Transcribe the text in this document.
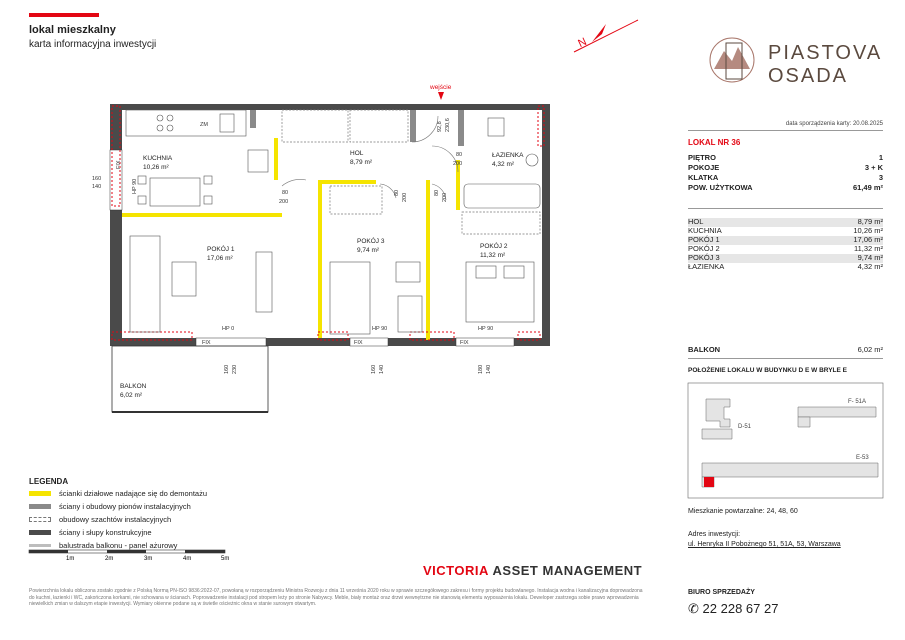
lokal mieszkalny
karta informacyjna inwestycji	N	PIASTOVA
OSADA
data sporządzenia karty: 20.08.2025
LOKAL NR 36
PIĘTRO	1
POKOJE	3 + K
KLATKA	3
POW. UŻYTKOWA	61,49 m²
HOL	8,79 m²
KUCHNIA	10,26 m²
POKÓJ 1	17,06 m²
POKÓJ 2	11,32 m²
POKÓJ 3	9,74 m²
ŁAZIENKA	4,32 m²
BALKON	6,02 m²
POŁOŻENIE LOKALU W BUDYNKU D E W BRYLE E
D-51
F- 51A
E-53
Mieszkanie powtarzalne: 24, 48, 60
Adres inwestycji:
ul. Henryka II Pobożnego 51, 51A, 53, Warszawa
BIURO SPRZEDAŻY
✆ 22 228 67 27
VICTORIA ASSET MANAGEMENT
Powierzchnia lokalu obliczona zostało zgodnie z Polską Normą PN-ISO 9836:2022-07, powołaną w rozporządzeniu Ministra Rozwoju z dnia 11 września 2020 roku w sprawie szczegółowego zakresu i formy projektu budowlanego. Instalacja wodna i kanalizacyjna doprowadzona do kuchni, łazienki i WC, zakończona korkami, nie schowana w ścianach. Poprowadzenie instalacji pod stropem leży po stronie Nabywcy. Meble, biały montaż oraz drzwi wewnętrzne nie stanowią elementu wyposażenia lokalu. Deweloper zastrzega sobie prawo wprowadzenia niewielkich zmian w dalszym etapie inwestycji. Wymiary okienne podane są w świetle ościeżnic okna w stanie surowym otwartym.
LEGENDA
ścianki działowe nadające się do demontażu
ściany i obudowy pionów instalacyjnych
obudowy szachtów instalacyjnych
ściany i słupy konstrukcyjne
balustrada balkonu - panel ażurowy
1m	2m	3m	4m	5m
wejście
KUCHNIA
10,26 m²
HOL
8,79 m²
ŁAZIENKA
4,32 m²
POKÓJ 1
17,06 m²
POKÓJ 3
9,74 m²
POKÓJ 2
11,32 m²
BALKON
6,02 m²
ZM
FIX
HP 90
160
140
80
200
80 200	80 200
80
200
92,8 230,6
HP 0	HP 90	HP 90
FIX	FIX	FIX
160 230	160 140	180 140
